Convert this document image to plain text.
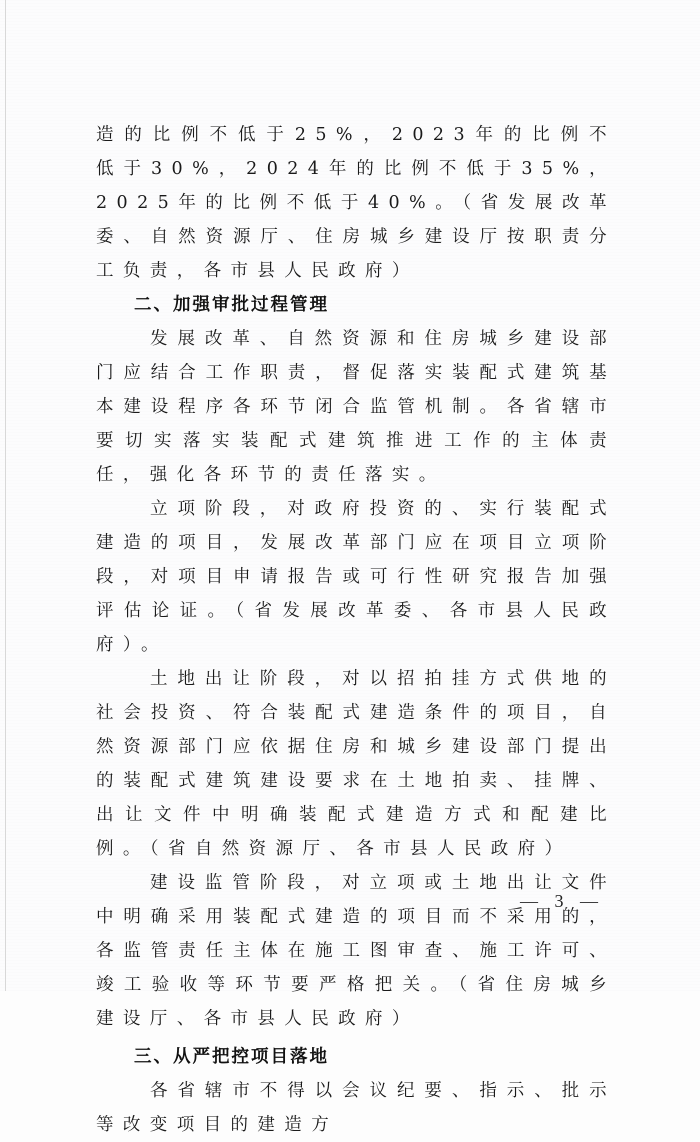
造的比例不低于25%，2023年的比例不低于30%，2024年的比例不低于35%，2025年的比例不低于40%。（省发展改革委、自然资源厅、住房城乡建设厅按职责分工负责，各市县人民政府）

二、加强审批过程管理

发展改革、自然资源和住房城乡建设部门应结合工作职责，督促落实装配式建筑基本建设程序各环节闭合监管机制。各省辖市要切实落实装配式建筑推进工作的主体责任，强化各环节的责任落实。

立项阶段，对政府投资的、实行装配式建造的项目，发展改革部门应在项目立项阶段，对项目申请报告或可行性研究报告加强评估论证。（省发展改革委、各市县人民政府）。

土地出让阶段，对以招拍挂方式供地的社会投资、符合装配式建造条件的项目，自然资源部门应依据住房和城乡建设部门提出的装配式建筑建设要求在土地拍卖、挂牌、出让文件中明确装配式建造方式和配建比例。（省自然资源厅、各市县人民政府）

建设监管阶段，对立项或土地出让文件中明确采用装配式建造的项目而不采用的，各监管责任主体在施工图审查、施工许可、竣工验收等环节要严格把关。（省住房城乡建设厅、各市县人民政府）

三、从严把控项目落地

各省辖市不得以会议纪要、指示、批示等改变项目的建造方

— 3 —
